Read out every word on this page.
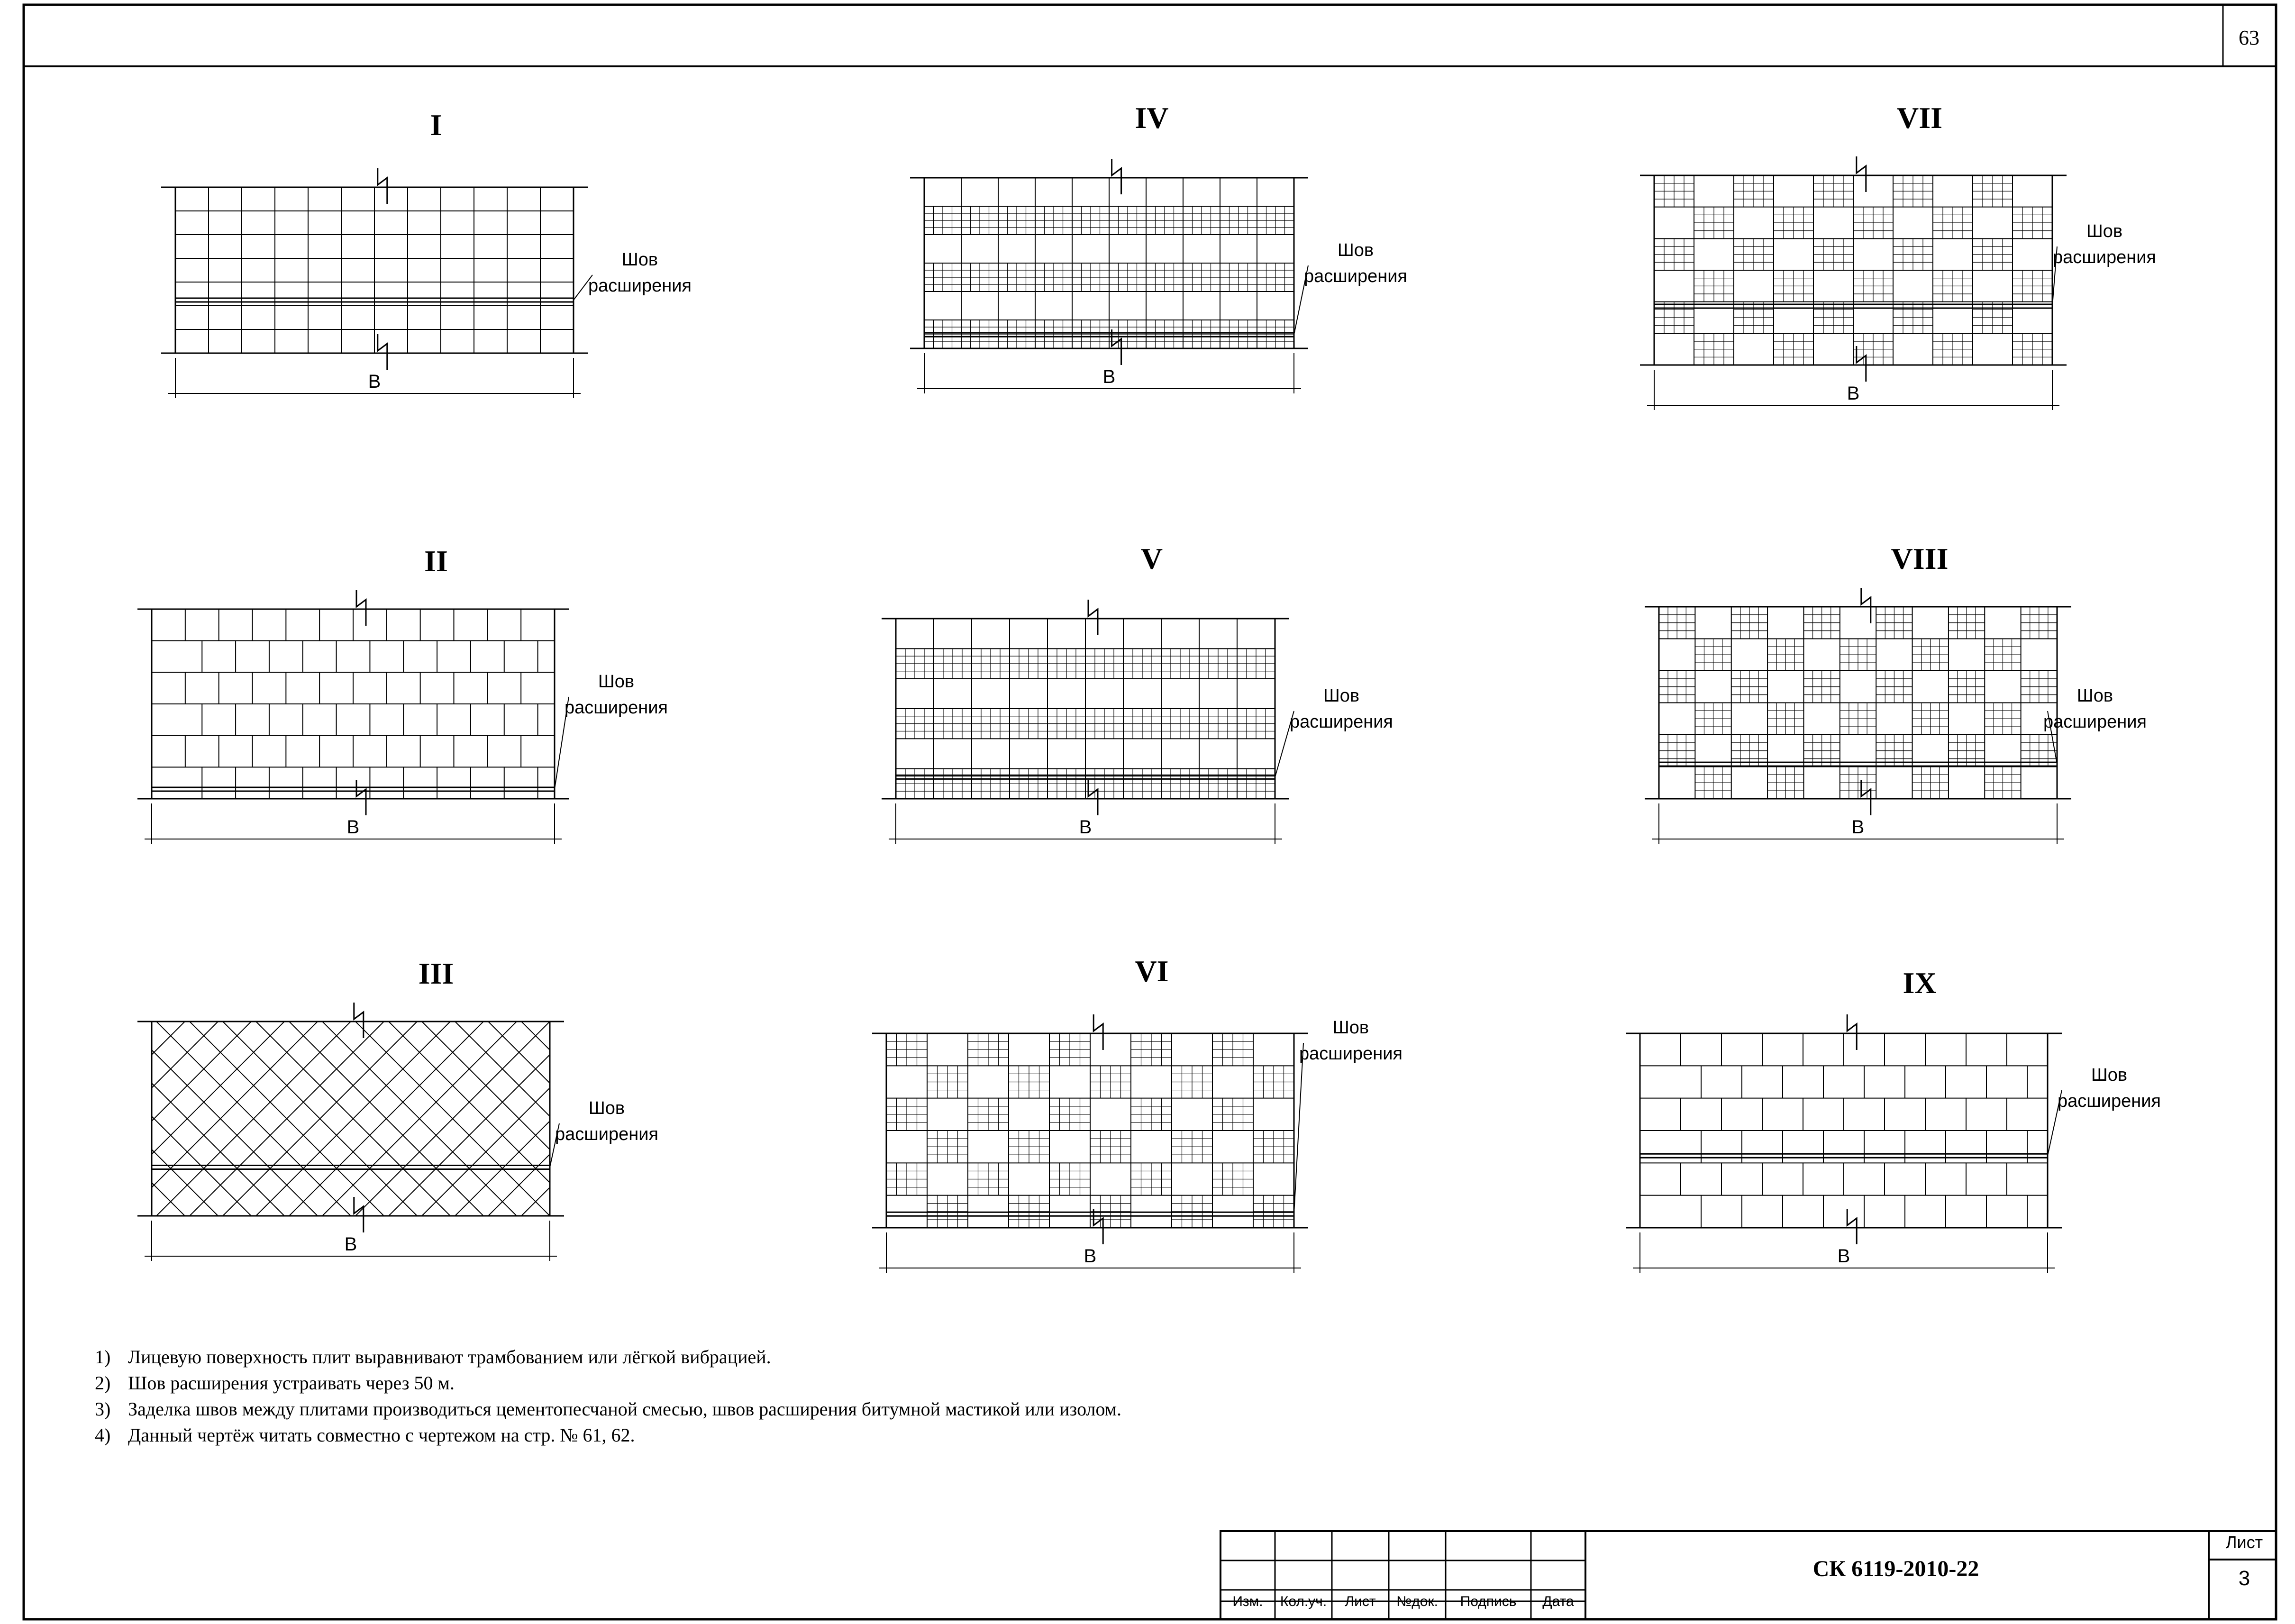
В
I
Шов
расширения
В
II
Шов
расширения
В
III
Шов
расширения
В
IV
Шов
расширения
В
V
Шов
расширения
В
VI
Шов
расширения
В
VII
Шов
расширения
В
VIII
Шов
расширения
В
IX
Шов
расширения
63
1) Лицевую поверхность плит выравнивают трамбованием или лёгкой вибрацией.
2) Шов расширения устраивать через 50 м.
3) Заделка швов между плитами производиться цементопесчаной смесью, швов расширения битумной мастикой или изолом.
4) Данный чертёж читать совместно с чертежом на стр. № 61, 62.
Изм.	Кол.уч.	Лист	№док.	Подпись	Дата
СК 6119-2010-22
Лист
3
